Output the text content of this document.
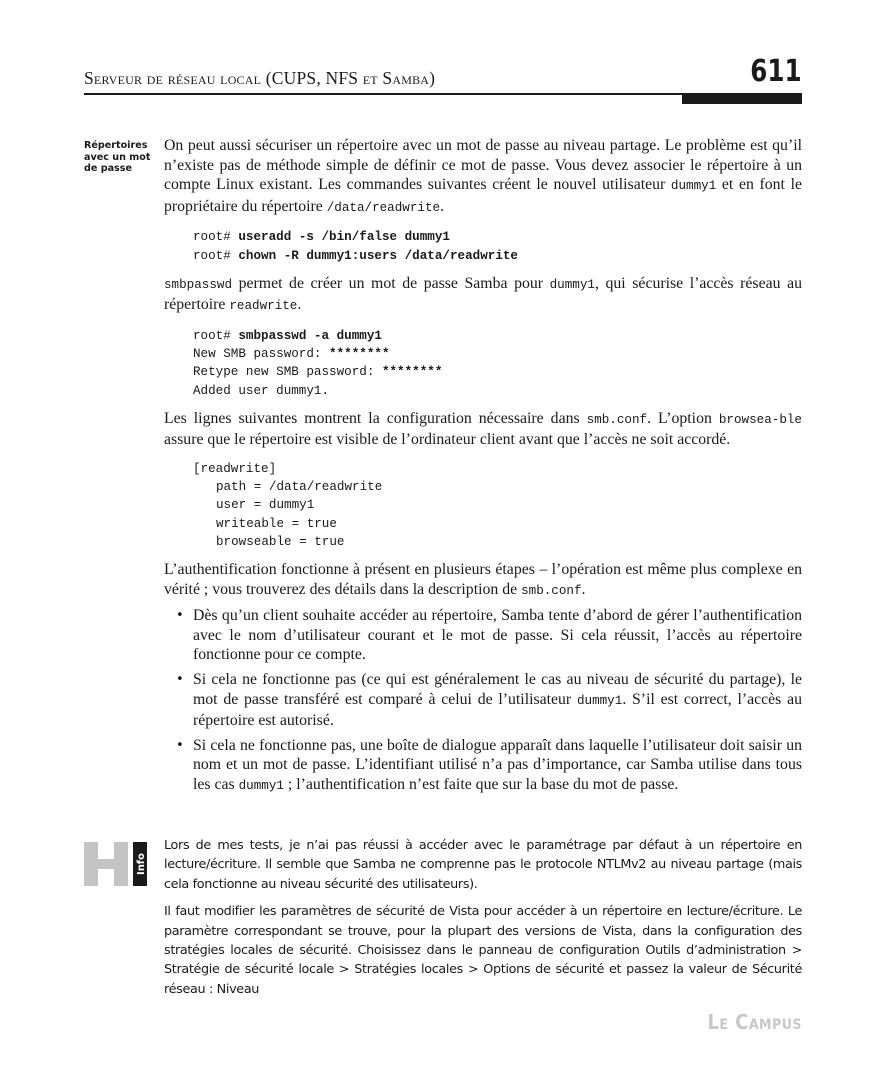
Serveur de réseau local (CUPS, NFS et Samba)	611
Répertoires
avec un mot
de passe

On peut aussi sécuriser un répertoire avec un mot de passe au niveau partage. Le problème est qu’il n’existe pas de méthode simple de définir ce mot de passe. Vous devez associer le répertoire à un compte Linux existant. Les commandes suivantes créent le nouvel utilisateur dummy1 et en font le propriétaire du répertoire /data/readwrite.

root# useradd -s /bin/false dummy1
root# chown -R dummy1:users /data/readwrite

smbpasswd permet de créer un mot de passe Samba pour dummy1, qui sécurise l’accès réseau au répertoire readwrite.

root# smbpasswd -a dummy1
New SMB password: ********
Retype new SMB password: ********
Added user dummy1.

Les lignes suivantes montrent la configuration nécessaire dans smb.conf. L’option browsea-ble assure que le répertoire est visible de l’ordinateur client avant que l’accès ne soit accordé.

[readwrite]
path = /data/readwrite
user = dummy1
writeable = true
browseable = true

L’authentification fonctionne à présent en plusieurs étapes – l’opération est même plus complexe en vérité ; vous trouverez des détails dans la description de smb.conf.

• Dès qu’un client souhaite accéder au répertoire, Samba tente d’abord de gérer l’authentification avec le nom d’utilisateur courant et le mot de passe. Si cela réussit, l’accès au répertoire fonctionne pour ce compte.
• Si cela ne fonctionne pas (ce qui est généralement le cas au niveau de sécurité du partage), le mot de passe transféré est comparé à celui de l’utilisateur dummy1. S’il est correct, l’accès au répertoire est autorisé.
• Si cela ne fonctionne pas, une boîte de dialogue apparaît dans laquelle l’utilisateur doit saisir un nom et un mot de passe. L’identifiant utilisé n’a pas d’importance, car Samba utilise dans tous les cas dummy1 ; l’authentification n’est faite que sur la base du mot de passe.
Info

Lors de mes tests, je n’ai pas réussi à accéder avec le paramétrage par défaut à un répertoire en lecture/écriture. Il semble que Samba ne comprenne pas le protocole NTLMv2 au niveau partage (mais cela fonctionne au niveau sécurité des utilisateurs).

Il faut modifier les paramètres de sécurité de Vista pour accéder à un répertoire en lecture/écriture. Le paramètre correspondant se trouve, pour la plupart des versions de Vista, dans la configuration des stratégies locales de sécurité. Choisissez dans le panneau de configuration Outils d’administration > Stratégie de sécurité locale > Stratégies locales > Options de sécurité et passez la valeur de Sécurité réseau : Niveau

Le Campus
